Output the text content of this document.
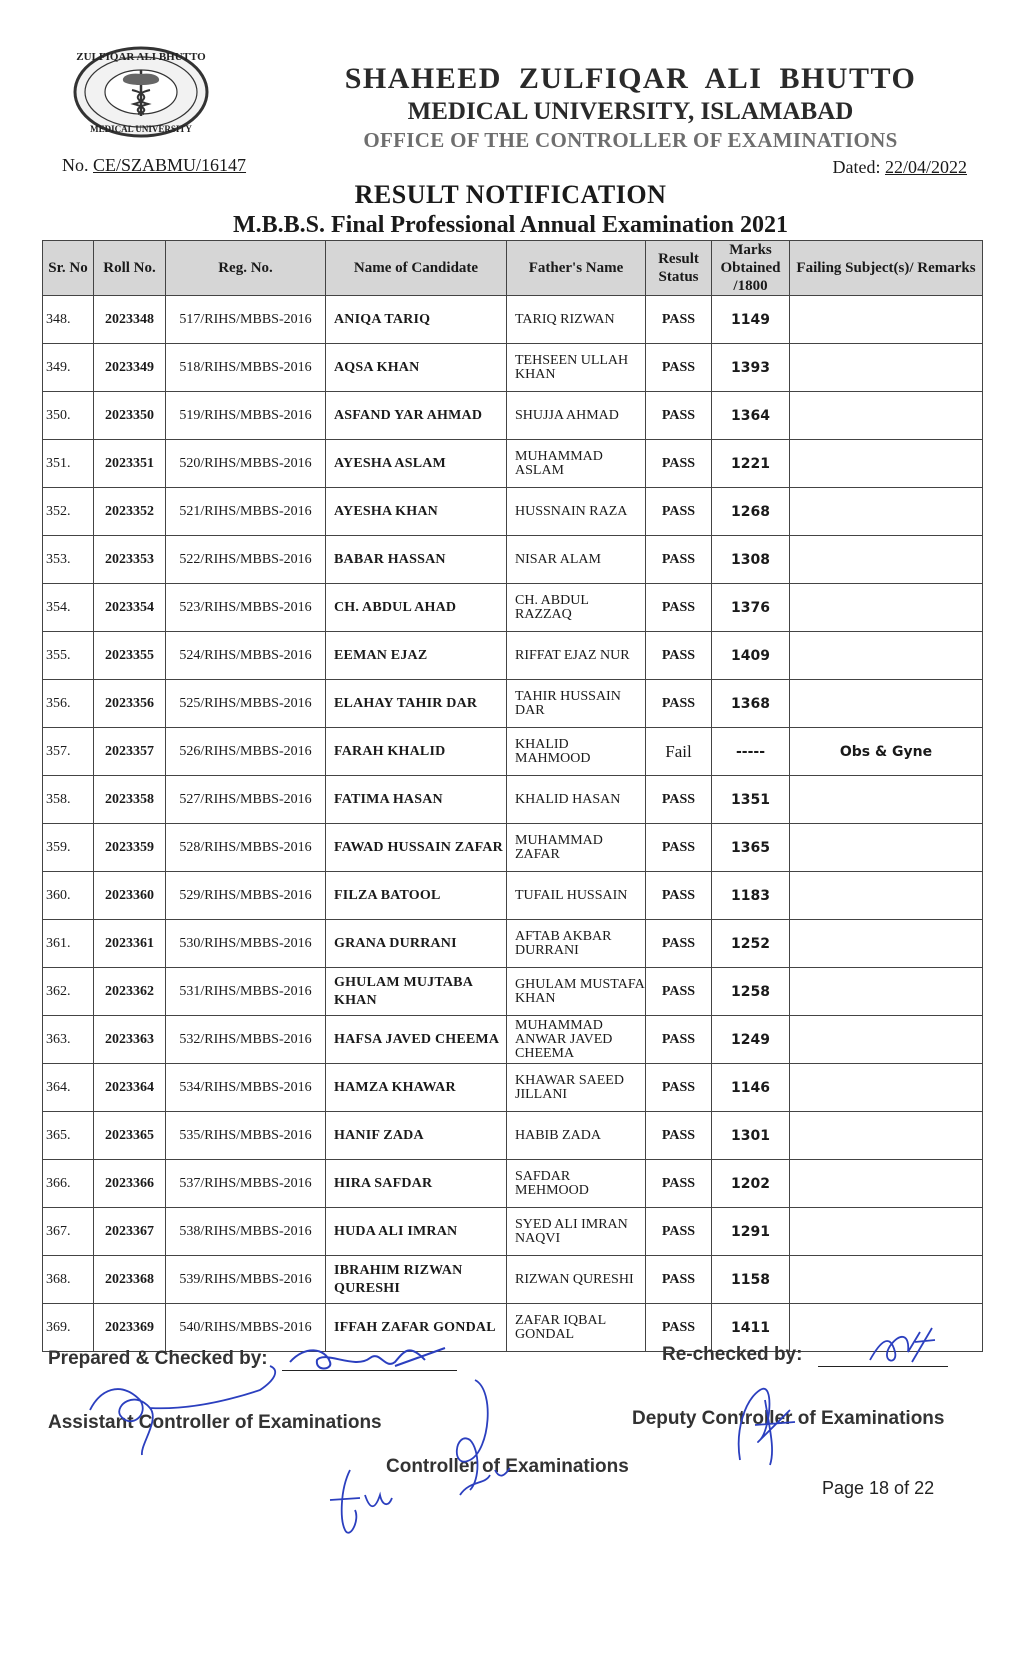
ZULFIQAR ALI BHUTTO
MEDICAL UNIVERSITY
SHAHEED ZULFIQAR ALI BHUTTO
MEDICAL UNIVERSITY, ISLAMABAD
OFFICE OF THE CONTROLLER OF EXAMINATIONS
No. CE/SZABMU/16147	Dated: 22/04/2022
RESULT NOTIFICATION
M.B.B.S. Final Professional Annual Examination 2021
Sr. No	Roll No.	Reg. No.	Name of Candidate	Father's Name	Result Status	Marks Obtained /1800	Failing Subject(s)/ Remarks
348.	2023348	517/RIHS/MBBS-2016	ANIQA TARIQ	TARIQ RIZWAN	PASS	1149	
349.	2023349	518/RIHS/MBBS-2016	AQSA KHAN	TEHSEEN ULLAH KHAN	PASS	1393	
350.	2023350	519/RIHS/MBBS-2016	ASFAND YAR AHMAD	SHUJJA AHMAD	PASS	1364	
351.	2023351	520/RIHS/MBBS-2016	AYESHA ASLAM	MUHAMMAD ASLAM	PASS	1221	
352.	2023352	521/RIHS/MBBS-2016	AYESHA KHAN	HUSSNAIN RAZA	PASS	1268	
353.	2023353	522/RIHS/MBBS-2016	BABAR HASSAN	NISAR ALAM	PASS	1308	
354.	2023354	523/RIHS/MBBS-2016	CH. ABDUL AHAD	CH. ABDUL RAZZAQ	PASS	1376	
355.	2023355	524/RIHS/MBBS-2016	EEMAN EJAZ	RIFFAT EJAZ NUR	PASS	1409	
356.	2023356	525/RIHS/MBBS-2016	ELAHAY TAHIR DAR	TAHIR HUSSAIN DAR	PASS	1368	
357.	2023357	526/RIHS/MBBS-2016	FARAH KHALID	KHALID MAHMOOD	Fail	-----	Obs & Gyne
358.	2023358	527/RIHS/MBBS-2016	FATIMA HASAN	KHALID HASAN	PASS	1351	
359.	2023359	528/RIHS/MBBS-2016	FAWAD HUSSAIN ZAFAR	MUHAMMAD ZAFAR	PASS	1365	
360.	2023360	529/RIHS/MBBS-2016	FILZA BATOOL	TUFAIL HUSSAIN	PASS	1183	
361.	2023361	530/RIHS/MBBS-2016	GRANA DURRANI	AFTAB AKBAR DURRANI	PASS	1252	
362.	2023362	531/RIHS/MBBS-2016	GHULAM MUJTABA KHAN	GHULAM MUSTAFA KHAN	PASS	1258	
363.	2023363	532/RIHS/MBBS-2016	HAFSA JAVED CHEEMA	MUHAMMAD ANWAR JAVED CHEEMA	PASS	1249	
364.	2023364	534/RIHS/MBBS-2016	HAMZA KHAWAR	KHAWAR SAEED JILLANI	PASS	1146	
365.	2023365	535/RIHS/MBBS-2016	HANIF ZADA	HABIB ZADA	PASS	1301	
366.	2023366	537/RIHS/MBBS-2016	HIRA SAFDAR	SAFDAR MEHMOOD	PASS	1202	
367.	2023367	538/RIHS/MBBS-2016	HUDA ALI IMRAN	SYED ALI IMRAN NAQVI	PASS	1291	
368.	2023368	539/RIHS/MBBS-2016	IBRAHIM RIZWAN QURESHI	RIZWAN QURESHI	PASS	1158	
369.	2023369	540/RIHS/MBBS-2016	IFFAH ZAFAR GONDAL	ZAFAR IQBAL GONDAL	PASS	1411	
Prepared & Checked by:	Re-checked by:
Assistant Controller of Examinations	Deputy Controller of Examinations
Controller of Examinations
Page 18 of 22
